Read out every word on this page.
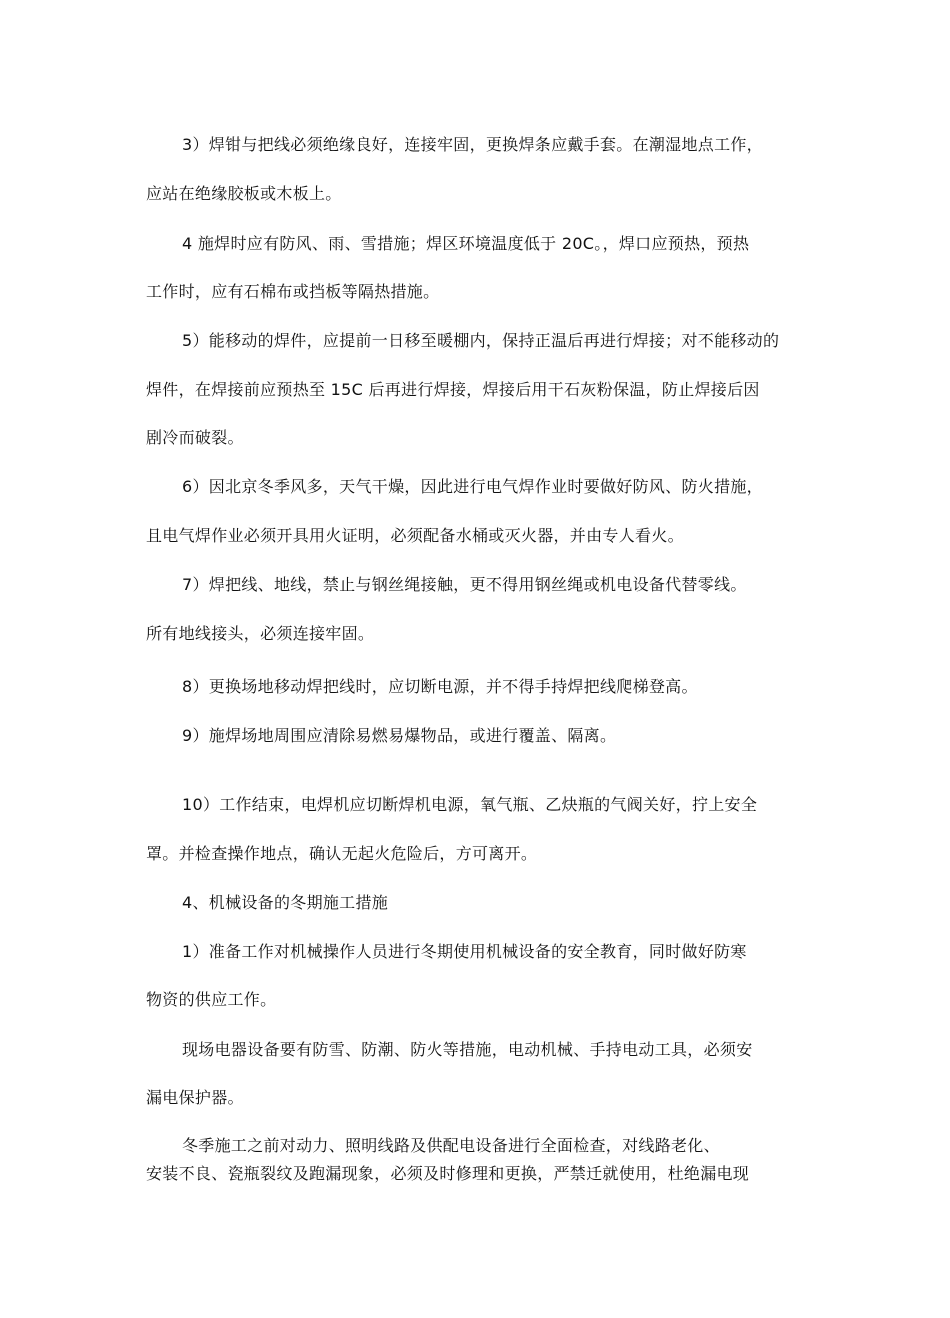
3）焊钳与把线必须绝缘良好，连接牢固，更换焊条应戴手套。在潮湿地点工作，
应站在绝缘胶板或木板上。
4 施焊时应有防风、雨、雪措施；焊区环境温度低于 20C。，焊口应预热，预热
工作时，应有石棉布或挡板等隔热措施。
5）能移动的焊件，应提前一日移至暖棚内，保持正温后再进行焊接；对不能移动的
焊件，在焊接前应预热至 15C 后再进行焊接，焊接后用干石灰粉保温，防止焊接后因
剧冷而破裂。
6）因北京冬季风多，天气干燥，因此进行电气焊作业时要做好防风、防火措施，
且电气焊作业必须开具用火证明，必须配备水桶或灭火器，并由专人看火。
7）焊把线、地线，禁止与钢丝绳接触，更不得用钢丝绳或机电设备代替零线。
所有地线接头，必须连接牢固。
8）更换场地移动焊把线时，应切断电源，并不得手持焊把线爬梯登高。
9）施焊场地周围应清除易燃易爆物品，或进行覆盖、隔离。
10）工作结束，电焊机应切断焊机电源，氧气瓶、乙炔瓶的气阀关好，拧上安全
罩。并检查操作地点，确认无起火危险后，方可离开。
4、机械设备的冬期施工措施
1）准备工作对机械操作人员进行冬期使用机械设备的安全教育，同时做好防寒
物资的供应工作。
现场电器设备要有防雪、防潮、防火等措施，电动机械、手持电动工具，必须安
漏电保护器。
冬季施工之前对动力、照明线路及供配电设备进行全面检查，对线路老化、
安装不良、瓷瓶裂纹及跑漏现象，必须及时修理和更换，严禁迁就使用，杜绝漏电现
